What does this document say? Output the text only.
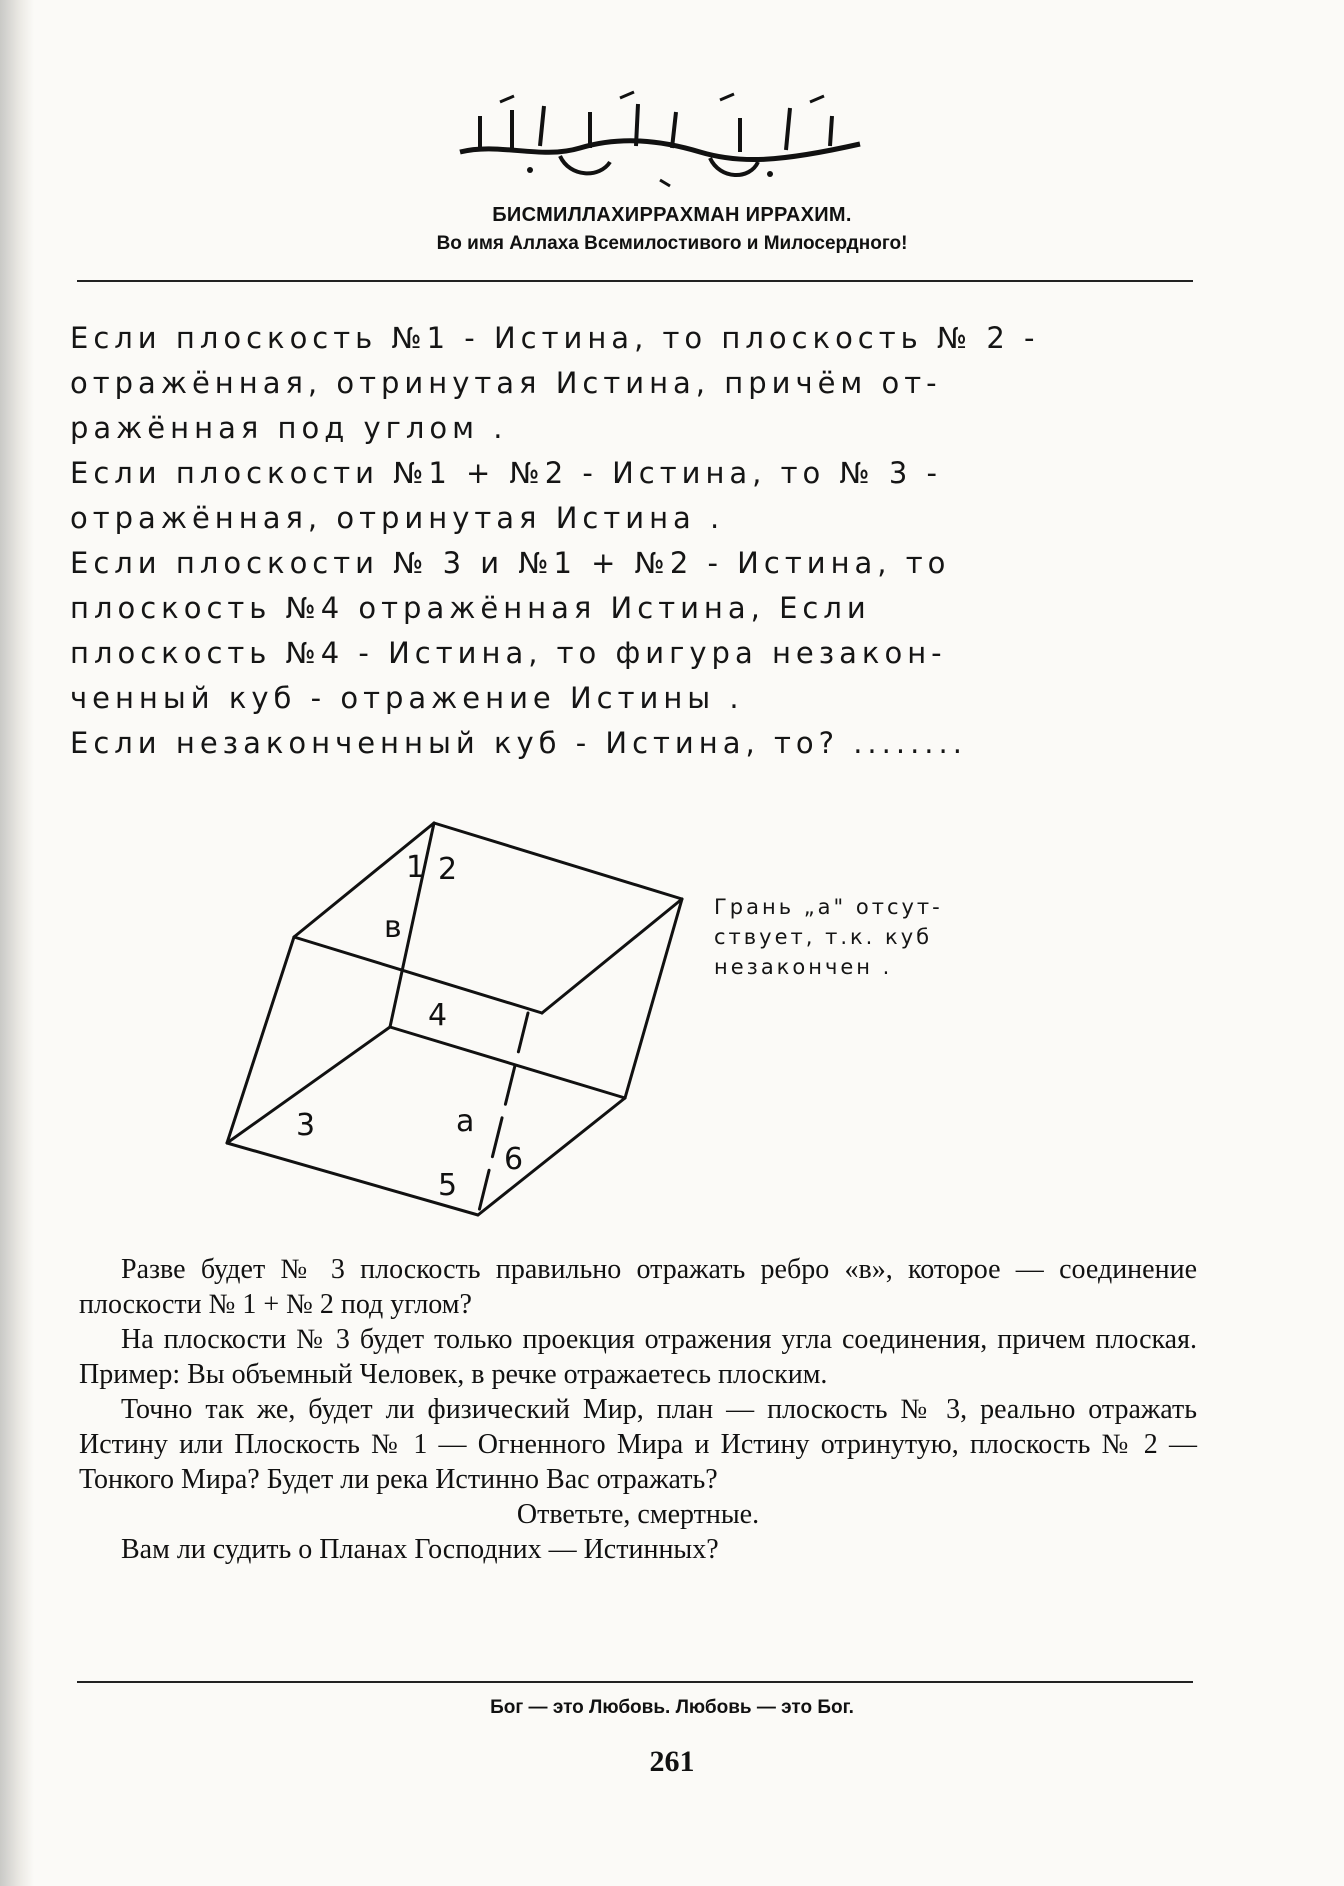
БИСМИЛЛАХИРРАХМАН ИРРАХИМ.
Во имя Аллаха Всемилостивого и Милосердного!
Если плоскость №1 - Истина, то плоскость № 2 -
отражённая, отринутая Истина, причём от-
ражённая под углом .
Если плоскости №1 + №2 - Истина, то № 3 -
отражённая, отринутая Истина .
Если плоскости № 3 и №1 + №2 - Истина, то
плоскость №4 отражённая Истина, Если
плоскость №4 - Истина, то фигура незакон-
ченный куб - отражение Истины .
Если незаконченный куб - Истина, то? ........
1 2
в
4
3	а
6
5
Грань „а" отсут-
ствует, т.к. куб
незакончен .

Разве будет № 3 плоскость правильно отражать ребро «в», которое — соединение плоскости № 1 + № 2 под углом?

На плоскости № 3 будет только проекция отражения угла соединения, причем плоская. Пример: Вы объемный Человек, в речке отражаетесь плоским.

Точно так же, будет ли физический Мир, план — плоскость № 3, реально отражать Истину или Плоскость № 1 — Огненного Мира и Истину отринутую, плоскость № 2 — Тонкого Мира? Будет ли река Истинно Вас отражать?

Ответьте, смертные.

Вам ли судить о Планах Господних — Истинных?

Бог — это Любовь. Любовь — это Бог.
261
